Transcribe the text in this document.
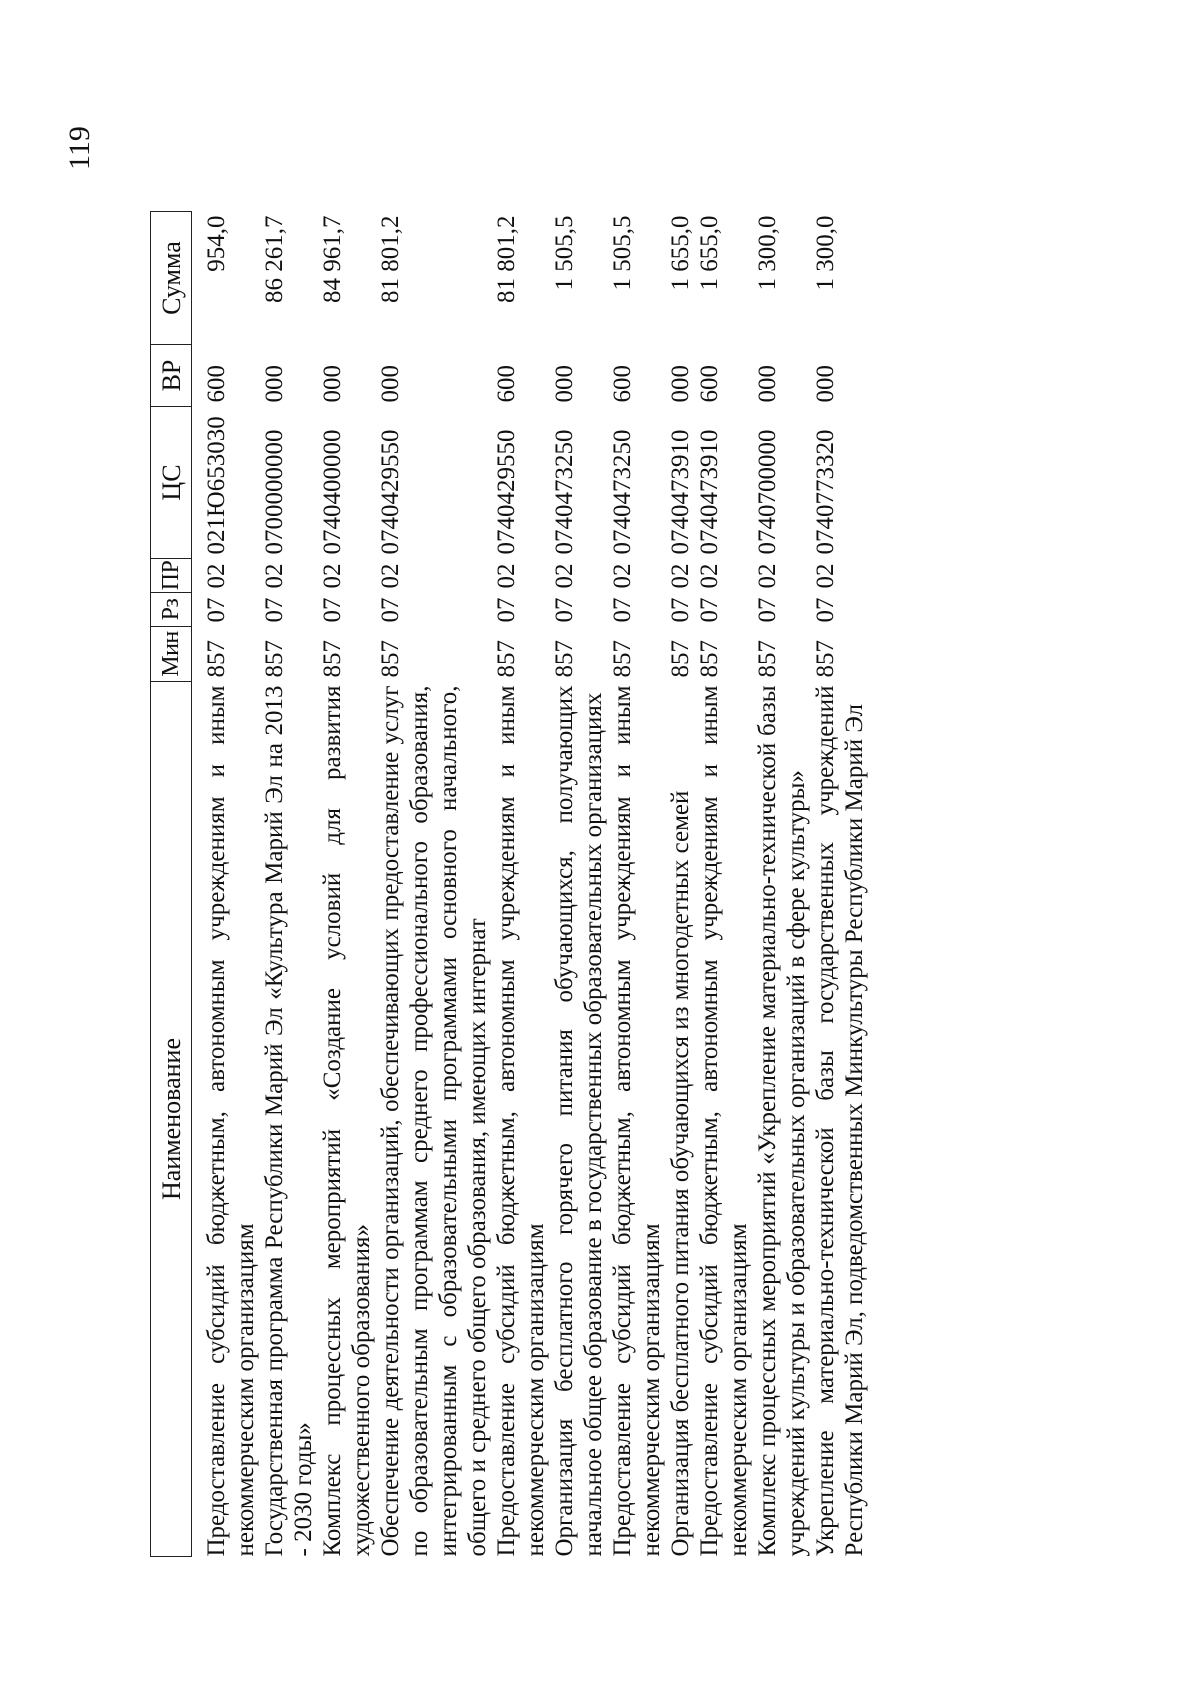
119
Наименование	Мин	Рз	ПР	ЦС	ВР	Сумма
Предоставление субсидий бюджетным, автономным учреждениям и иным некоммерческим организациям	857	07	02	021Ю653030	600	954,0
Государственная программа Республики Марий Эл «Культура Марий Эл на 2013 - 2030 годы»	857	07	02	0700000000	000	86 261,7
Комплекс процессных мероприятий «Создание условий для развития художественного образования»	857	07	02	0740400000	000	84 961,7
Обеспечение деятельности организаций, обеспечивающих предоставление услуг по образовательным программам среднего профессионального образования, интегрированным с образовательными программами основного начального, общего и среднего общего образования, имеющих интернат	857	07	02	0740429550	000	81 801,2
Предоставление субсидий бюджетным, автономным учреждениям и иным некоммерческим организациям	857	07	02	0740429550	600	81 801,2
Организация бесплатного горячего питания обучающихся, получающих начальное общее образование в государственных образовательных организациях	857	07	02	0740473250	000	1 505,5
Предоставление субсидий бюджетным, автономным учреждениям и иным некоммерческим организациям	857	07	02	0740473250	600	1 505,5
Организация бесплатного питания обучающихся из многодетных семей	857	07	02	0740473910	000	1 655,0
Предоставление субсидий бюджетным, автономным учреждениям и иным некоммерческим организациям	857	07	02	0740473910	600	1 655,0
Комплекс процессных мероприятий «Укрепление материально-технической базы учреждений культуры и образовательных организаций в сфере культуры»	857	07	02	0740700000	000	1 300,0
Укрепление материально-технической базы государственных учреждений Республики Марий Эл, подведомственных Минкультуры Республики Марий Эл	857	07	02	0740773320	000	1 300,0
